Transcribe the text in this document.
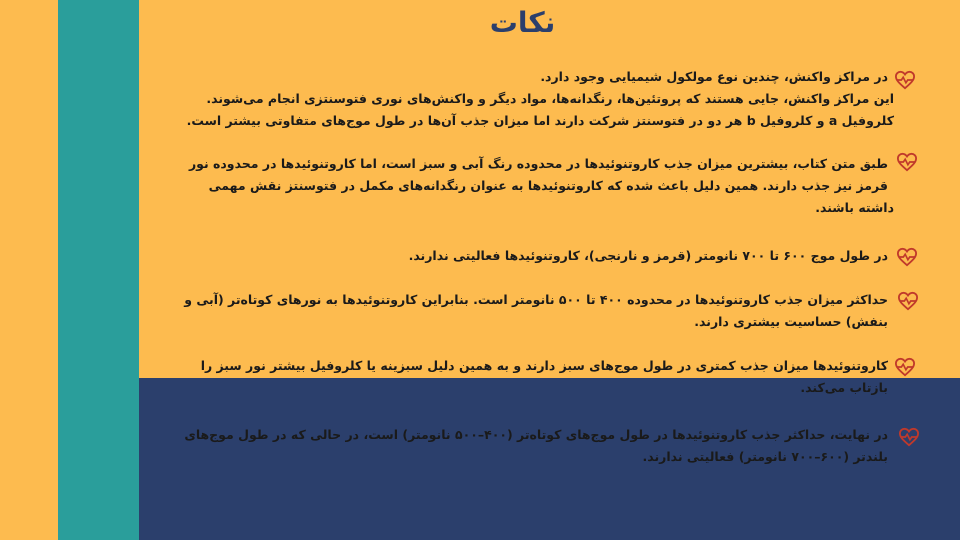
نکات
در مراکز واکنش، چندین نوع مولکول شیمیایی وجود دارد.
این مراکز واکنش، جایی هستند که پروتئین‌ها، رنگدانه‌ها، مواد دیگر و واکنش‌های نوری فتوسنتزی انجام می‌شوند.
کلروفیل a و کلروفیل b هر دو در فتوسنتز شرکت دارند اما میزان جذب آن‌ها در طول موج‌های متفاوتی بیشتر است.
طبق متن کتاب، بیشترین میزان جذب کاروتنوئیدها در محدوده رنگ آبی و سبز است، اما کاروتنوئیدها در محدوده نور
قرمز نیز جذب دارند. همین دلیل باعث شده که کاروتنوئیدها به عنوان رنگدانه‌های مکمل در فتوسنتز نقش مهمی
داشته باشند.
در طول موج ۶۰۰ تا ۷۰۰ نانومتر (قرمز و نارنجی)، کاروتنوئیدها فعالیتی ندارند.
حداکثر میزان جذب کاروتنوئیدها در محدوده ۴۰۰ تا ۵۰۰ نانومتر است. بنابراین کاروتنوئیدها به نورهای کوتاه‌تر (آبی و
بنفش) حساسیت بیشتری دارند.
کاروتنوئیدها میزان جذب کمتری در طول موج‌های سبز دارند و به همین دلیل سبزینه یا کلروفیل بیشتر نور سبز را
بازتاب می‌کند.
در نهایت، حداکثر جذب کاروتنوئیدها در طول موج‌های کوتاه‌تر (۴۰۰–۵۰۰ نانومتر) است، در حالی که در طول موج‌های
بلندتر (۶۰۰–۷۰۰ نانومتر) فعالیتی ندارند.
